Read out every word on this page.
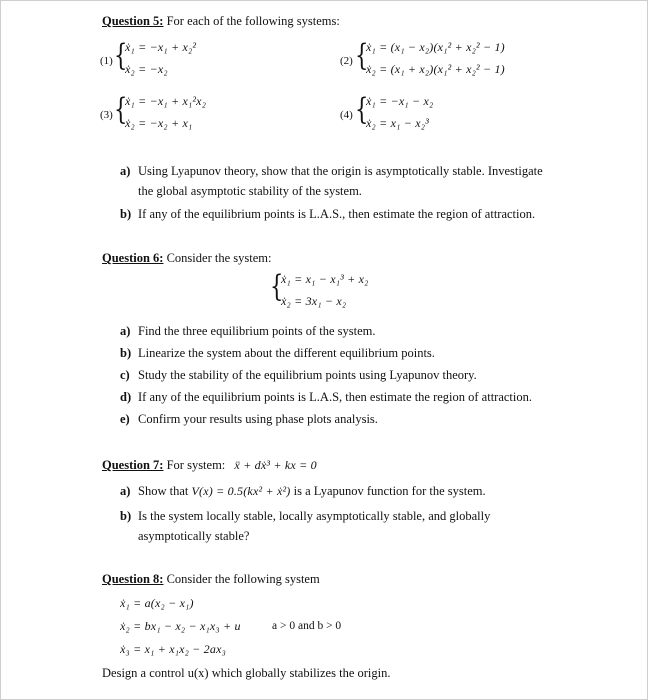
Question 5: For each of the following systems:
(1) {
ẋ₁ = −x₁ + x₂²
ẋ₂ = −x₂
(2) {
ẋ₁ = (x₁ − x₂)(x₁² + x₂² − 1)
ẋ₂ = (x₁ + x₂)(x₁² + x₂² − 1)
(3) {
ẋ₁ = −x₁ + x₁²x₂
ẋ₂ = −x₂ + x₁
(4) {
ẋ₁ = −x₁ − x₂
ẋ₂ = x₁ − x₂³
a) Using Lyapunov theory, show that the origin is asymptotically stable. Investigate
the global asymptotic stability of the system.
b) If any of the equilibrium points is L.A.S., then estimate the region of attraction.
Question 6: Consider the system:
{
ẋ₁ = x₁ − x₁³ + x₂
ẋ₂ = 3x₁ − x₂
a) Find the three equilibrium points of the system.
b) Linearize the system about the different equilibrium points.
c) Study the stability of the equilibrium points using Lyapunov theory.
d) If any of the equilibrium points is L.A.S, then estimate the region of attraction.
e) Confirm your results using phase plots analysis.
Question 7: For system: ẍ + dẋ³ + kx = 0
a) Show that V(x) = 0.5(kx² + ẋ²) is a Lyapunov function for the system.
b) Is the system locally stable, locally asymptotically stable, and globally
asymptotically stable?
Question 8: Consider the following system
ẋ₁ = a(x₂ − x₁)
ẋ₂ = bx₁ − x₂ − x₁x₃ + u	a > 0 and b > 0
ẋ₃ = x₁ + x₁x₂ − 2ax₃
Design a control u(x) which globally stabilizes the origin.
